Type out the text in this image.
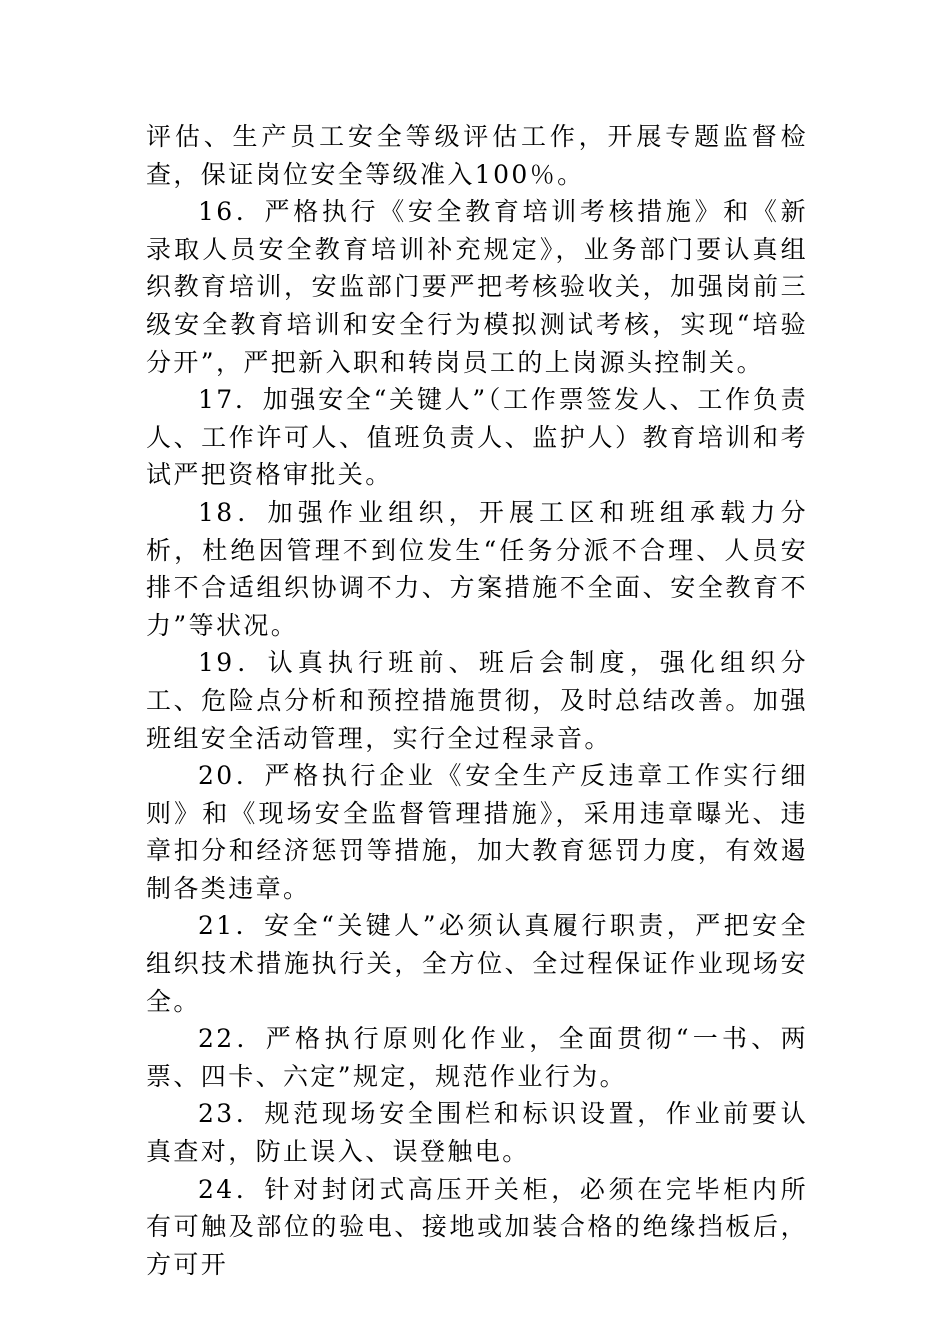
评估、生产员工安全等级评估工作，开展专题监督检查，保证岗位安全等级准入100％。

16．严格执行《安全教育培训考核措施》和《新录取人员安全教育培训补充规定》，业务部门要认真组织教育培训，安监部门要严把考核验收关，加强岗前三级安全教育培训和安全行为模拟测试考核，实现“培验分开”，严把新入职和转岗员工的上岗源头控制关。

17．加强安全“关键人”（工作票签发人、工作负责人、工作许可人、值班负责人、监护人）教育培训和考试严把资格审批关。

18．加强作业组织，开展工区和班组承载力分析，杜绝因管理不到位发生“任务分派不合理、人员安排不合适组织协调不力、方案措施不全面、安全教育不力”等状况。

19．认真执行班前、班后会制度，强化组织分工、危险点分析和预控措施贯彻，及时总结改善。加强班组安全活动管理，实行全过程录音。

20．严格执行企业《安全生产反违章工作实行细则》和《现场安全监督管理措施》，采用违章曝光、违章扣分和经济惩罚等措施，加大教育惩罚力度，有效遏制各类违章。

21．安全“关键人”必须认真履行职责，严把安全组织技术措施执行关，全方位、全过程保证作业现场安全。

22．严格执行原则化作业，全面贯彻“一书、两票、四卡、六定”规定，规范作业行为。

23．规范现场安全围栏和标识设置，作业前要认真查对，防止误入、误登触电。

24．针对封闭式高压开关柜，必须在完毕柜内所有可触及部位的验电、接地或加装合格的绝缘挡板后，方可开
